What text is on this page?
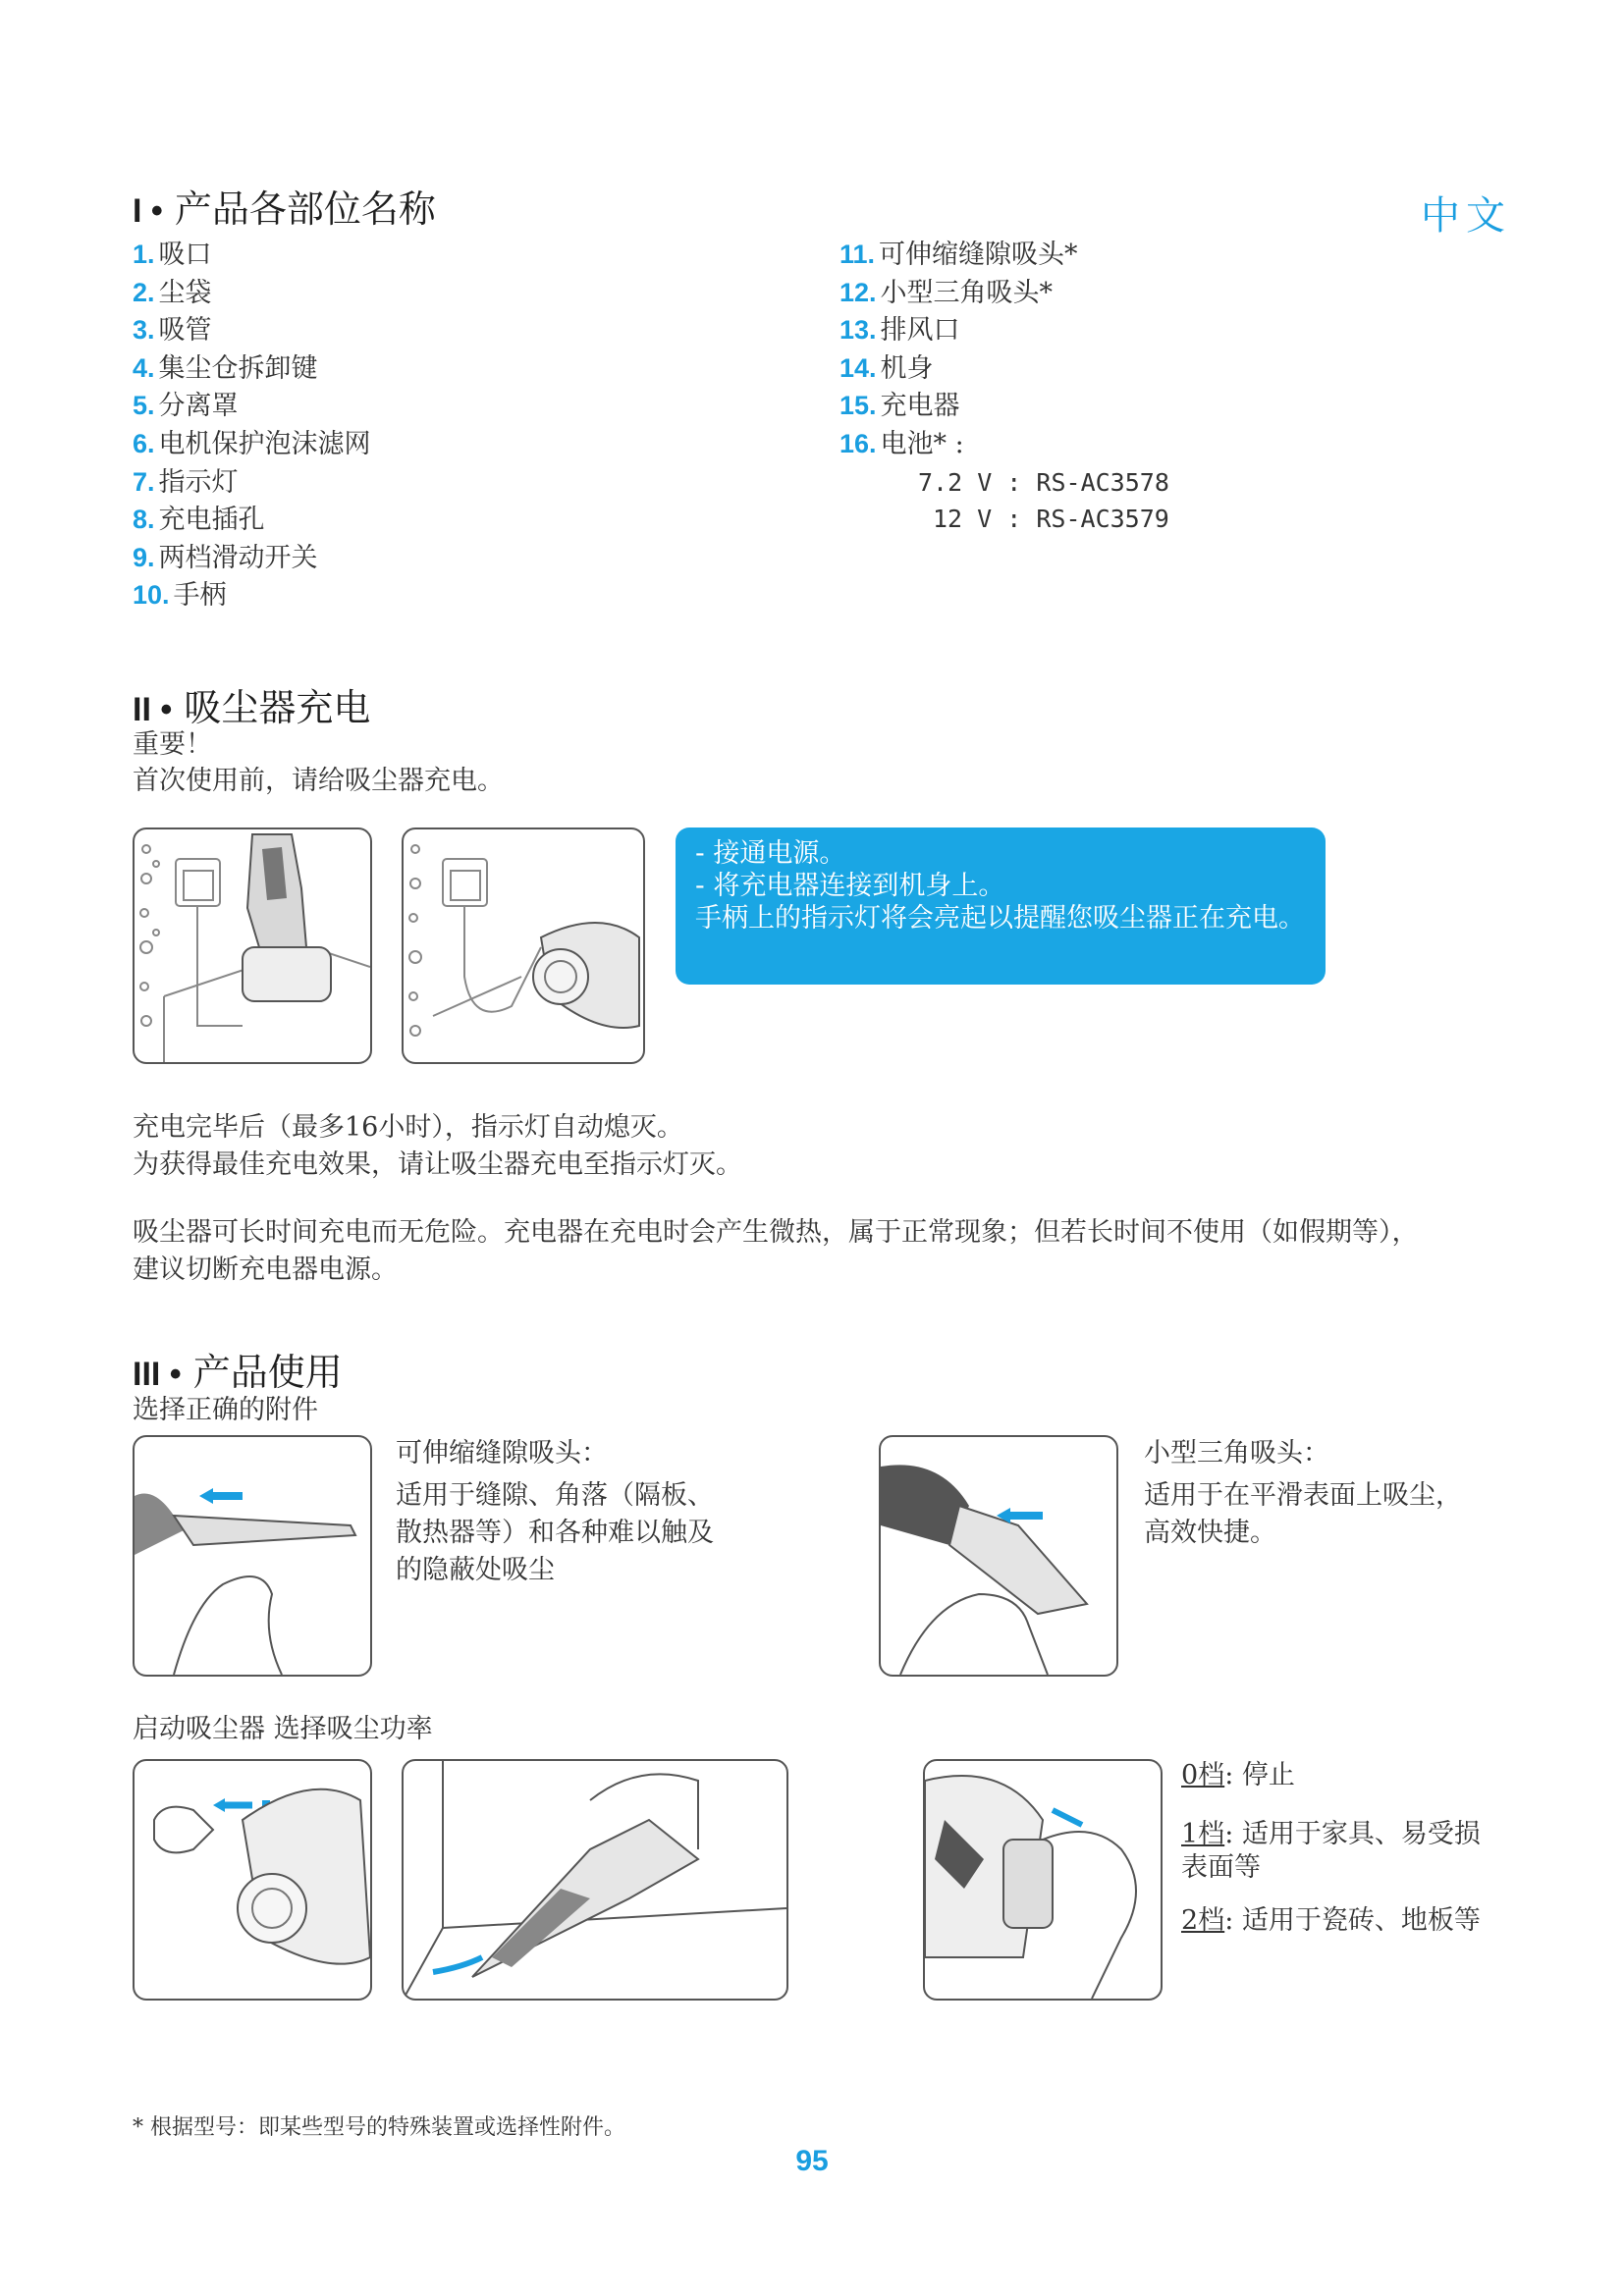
中文
I • 产品各部位名称
1. 吸口
2. 尘袋
3. 吸管
4. 集尘仓拆卸键
5. 分离罩
6. 电机保护泡沫滤网
7. 指示灯
8. 充电插孔
9. 两档滑动开关
10. 手柄
11. 可伸缩缝隙吸头*
12. 小型三角吸头*
13. 排风口
14. 机身
15. 充电器
16. 电池* :
7.2 V : RS-AC3578
12 V : RS-AC3579
II • 吸尘器充电
重要！
首次使用前，请给吸尘器充电。
- 接通电源。
- 将充电器连接到机身上。
手柄上的指示灯将会亮起以提醒您吸尘器正在充电。
充电完毕后（最多16小时），指示灯自动熄灭。
为获得最佳充电效果，请让吸尘器充电至指示灯灭。
吸尘器可长时间充电而无危险。充电器在充电时会产生微热，属于正常现象；但若长时间不使用（如假期等），
建议切断充电器电源。
III • 产品使用
选择正确的附件
可伸缩缝隙吸头：
适用于缝隙、角落（隔板、
散热器等）和各种难以触及
的隐蔽处吸尘
小型三角吸头：
适用于在平滑表面上吸尘，
高效快捷。
启动吸尘器 选择吸尘功率
0档: 停止
1档: 适用于家具、易受损表面等
2档: 适用于瓷砖、地板等
* 根据型号：即某些型号的特殊装置或选择性附件。
95
